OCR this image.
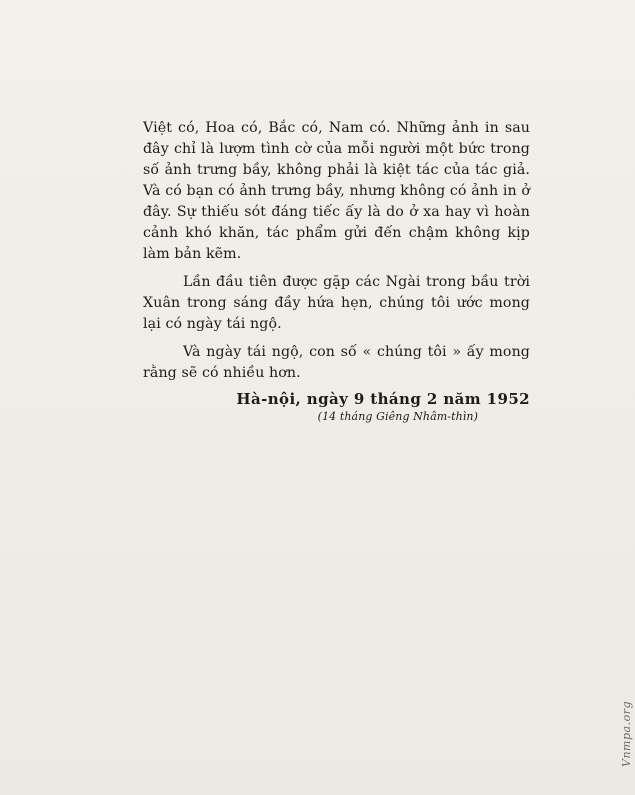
Việt có, Hoa có, Bắc có, Nam có. Những ảnh in sau đây chỉ là lượm tình cờ của mỗi người một bức trong số ảnh trưng bầy, không phải là kiệt tác của tác giả. Và có bạn có ảnh trưng bầy, nhưng không có ảnh in ở đây. Sự thiếu sót đáng tiếc ấy là do ở xa hay vì hoàn cảnh khó khăn, tác phẩm gửi đến chậm không kịp làm bản kẽm.

Lần đầu tiên được gặp các Ngài trong bầu trời Xuân trong sáng đầy hứa hẹn, chúng tôi ước mong lại có ngày tái ngộ.

Và ngày tái ngộ, con số « chúng tôi » ấy mong rằng sẽ có nhiều hơn.

Hà-nội, ngày 9 tháng 2 năm 1952
(14 tháng Giêng Nhâm-thìn)
Vnmpa.org
